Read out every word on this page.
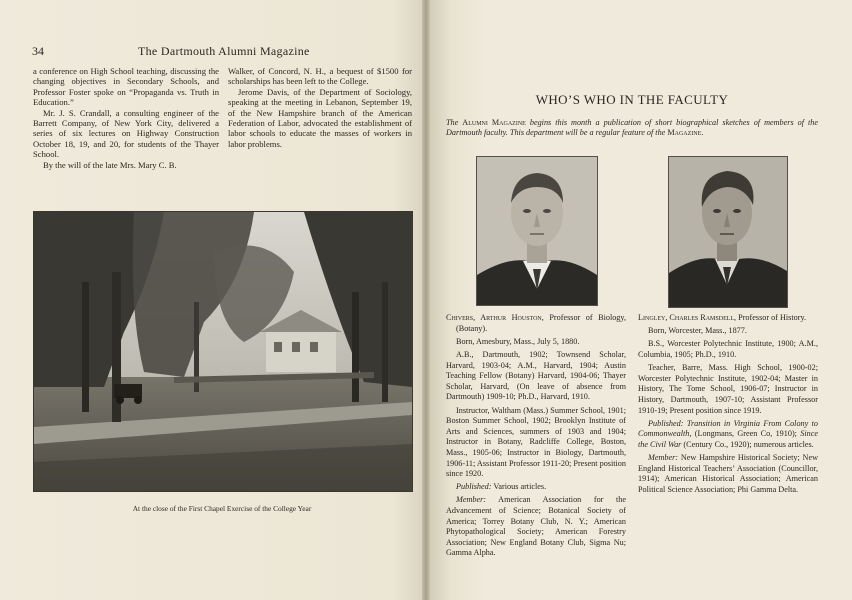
34	The Dartmouth Alumni Magazine

a conference on High School teaching, discussing the changing objectives in Secondary Schools, and Professor Foster spoke on “Propaganda vs. Truth in Education.”

Mr. J. S. Crandall, a consulting engineer of the Barrett Company, of New York City, delivered a series of six lectures on Highway Construction October 18, 19, and 20, for students of the Thayer School.

By the will of the late Mrs. Mary C. B.

Walker, of Concord, N. H., a bequest of $1500 for scholarships has been left to the College.

Jerome Davis, of the Department of Sociology, speaking at the meeting in Lebanon, September 19, of the New Hampshire branch of the American Federation of Labor, advocated the establishment of labor schools to educate the masses of workers in labor problems.

At the close of the First Chapel Exercise of the College Year
WHO’S WHO IN THE FACULTY
The Alumni Magazine begins this month a publication of short biographical sketches of members of the Dartmouth faculty. This department will be a regular feature of the Magazine.

Chivers, Arthur Houston, Professor of Biology, (Botany).

Born, Amesbury, Mass., July 5, 1880.

A.B., Dartmouth, 1902; Townsend Scholar, Harvard, 1903-04; A.M., Harvard, 1904; Austin Teaching Fellow (Botany) Harvard, 1904-06; Thayer Scholar, Harvard, (On leave of absence from Dartmouth) 1909-10; Ph.D., Harvard, 1910.

Instructor, Waltham (Mass.) Summer School, 1901; Boston Summer School, 1902; Brooklyn Institute of Arts and Sciences, summers of 1903 and 1904; Instructor in Botany, Radcliffe College, Boston, Mass., 1905-06; Instructor in Biology, Dartmouth, 1906-11; Assistant Professor 1911-20; Present position since 1920.

Published: Various articles.

Member: American Association for the Advancement of Science; Botanical Society of America; Torrey Botany Club, N. Y.; American Phytopathological Society; American Forestry Association; New England Botany Club, Sigma Nu; Gamma Alpha.

Lingley, Charles Ramsdell, Professor of History.

Born, Worcester, Mass., 1877.

B.S., Worcester Polytechnic Institute, 1900; A.M., Columbia, 1905; Ph.D., 1910.

Teacher, Barre, Mass. High School, 1900-02; Worcester Polytechnic Institute, 1902-04; Master in History, The Tome School, 1906-07; Instructor in History, Dartmouth, 1907-10; Assistant Professor 1910-19; Present position since 1919.

Published: Transition in Virginia From Colony to Commonwealth, (Longmans, Green Co, 1910); Since the Civil War (Century Co., 1920); numerous articles.

Member: New Hampshire Historical Society; New England Historical Teachers’ Association (Councillor, 1914); American Historical Association; American Political Science Association; Phi Gamma Delta.
